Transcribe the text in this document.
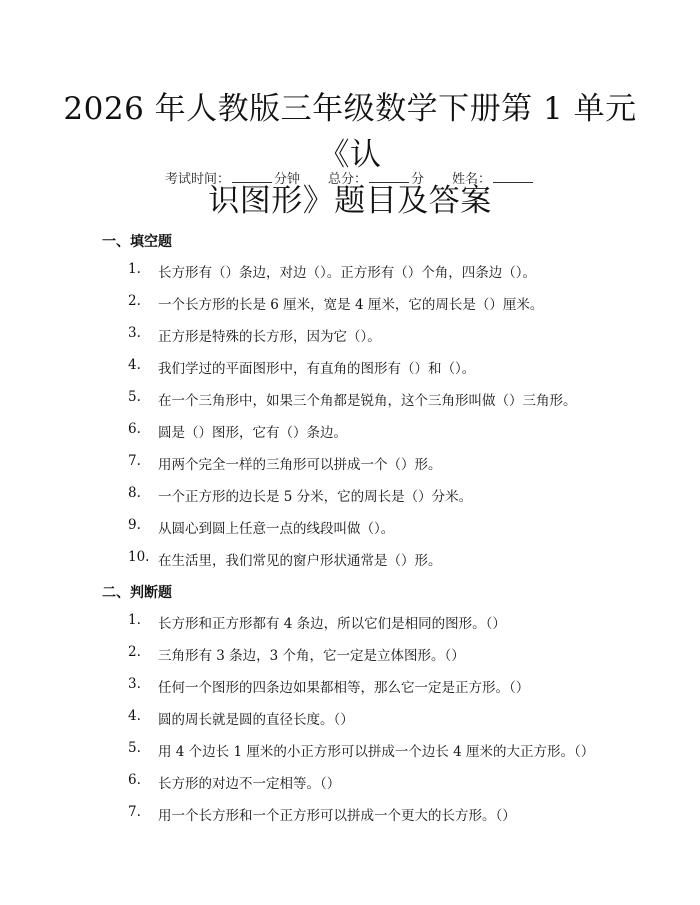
2026 年人教版三年级数学下册第 1 单元《认
识图形》题目及答案
考试时间：	分钟 总分：	分 姓名：
一、填空题
1.	长方形有（）条边，对边（）。正方形有（）个角，四条边（）。
2.	一个长方形的长是 6 厘米，宽是 4 厘米，它的周长是（）厘米。
3.	正方形是特殊的长方形，因为它（）。
4.	我们学过的平面图形中，有直角的图形有（）和（）。
5.	在一个三角形中，如果三个角都是锐角，这个三角形叫做（）三角形。
6.	圆是（）图形，它有（）条边。
7.	用两个完全一样的三角形可以拼成一个（）形。
8.	一个正方形的边长是 5 分米，它的周长是（）分米。
9.	从圆心到圆上任意一点的线段叫做（）。
10. 在生活里，我们常见的窗户形状通常是（）形。
二、判断题
1.	长方形和正方形都有 4 条边，所以它们是相同的图形。（）
2.	三角形有 3 条边，3 个角，它一定是立体图形。（）
3.	任何一个图形的四条边如果都相等，那么它一定是正方形。（）
4.	圆的周长就是圆的直径长度。（）
5.	用 4 个边长 1 厘米的小正方形可以拼成一个边长 4 厘米的大正方形。（）
6.	长方形的对边不一定相等。（）
7.	用一个长方形和一个正方形可以拼成一个更大的长方形。（）
